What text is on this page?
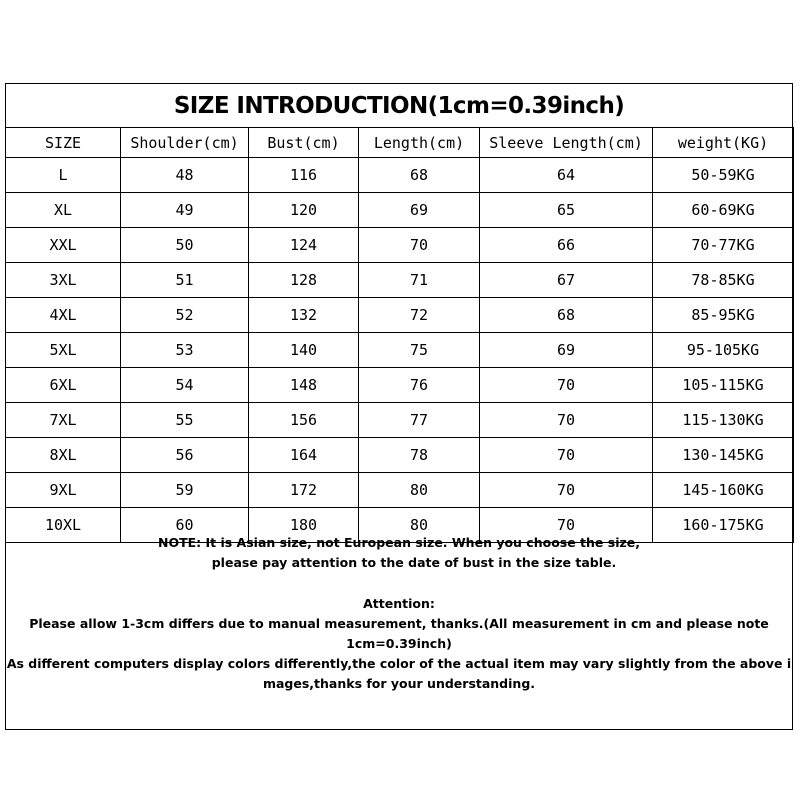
SIZE INTRODUCTION(1cm=0.39inch)
SIZE	Shoulder(cm)	Bust(cm)	Length(cm)	Sleeve Length(cm)	weight(KG)
L	48	116	68	64	50-59KG
XL	49	120	69	65	60-69KG
XXL	50	124	70	66	70-77KG
3XL	51	128	71	67	78-85KG
4XL	52	132	72	68	85-95KG
5XL	53	140	75	69	95-105KG
6XL	54	148	76	70	105-115KG
7XL	55	156	77	70	115-130KG
8XL	56	164	78	70	130-145KG
9XL	59	172	80	70	145-160KG
10XL	60	180	80	70	160-175KG

NOTE: It is Asian size, not European size. When you choose the size,

please pay attention to the date of bust in the size table.

Attention:

Please allow 1-3cm differs due to manual measurement, thanks.(All measurement in cm and please note

1cm=0.39inch)

As different computers display colors differently,the color of the actual item may vary slightly from the above i

mages,thanks for your understanding.
